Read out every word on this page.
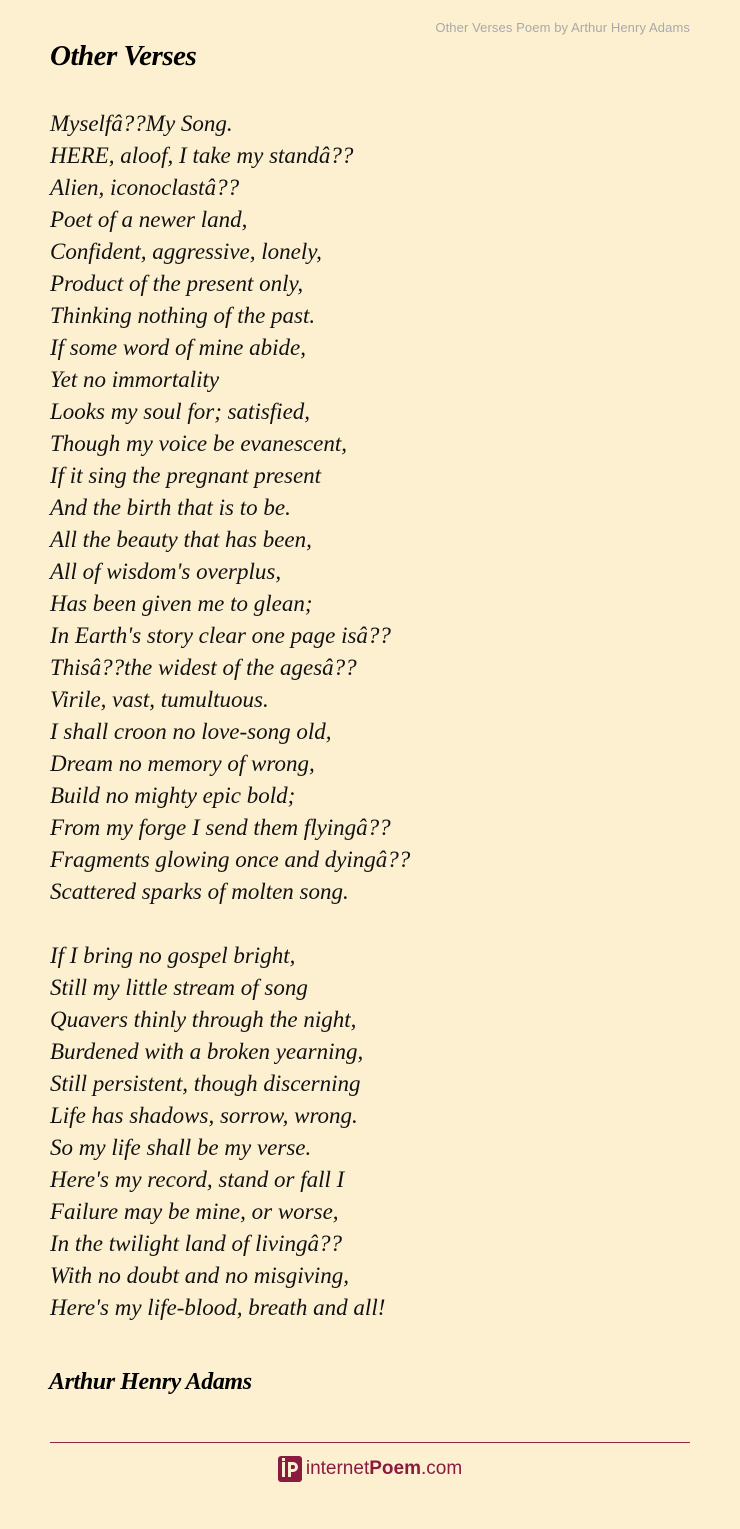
Other Verses Poem by Arthur Henry Adams
Other Verses
Myselfâ??My Song.
HERE, aloof, I take my standâ??
Alien, iconoclastâ??
Poet of a newer land,
Confident, aggressive, lonely,
Product of the present only,
Thinking nothing of the past.
If some word of mine abide,
Yet no immortality
Looks my soul for; satisfied,
Though my voice be evanescent,
If it sing the pregnant present
And the birth that is to be.
All the beauty that has been,
All of wisdom's overplus,
Has been given me to glean;
In Earth's story clear one page isâ??
Thisâ??the widest of the agesâ??
Virile, vast, tumultuous.
I shall croon no love-song old,
Dream no memory of wrong,
Build no mighty epic bold;
From my forge I send them flyingâ??
Fragments glowing once and dyingâ??
Scattered sparks of molten song.
If I bring no gospel bright,
Still my little stream of song
Quavers thinly through the night,
Burdened with a broken yearning,
Still persistent, though discerning
Life has shadows, sorrow, wrong.
So my life shall be my verse.
Here's my record, stand or fall I
Failure may be mine, or worse,
In the twilight land of livingâ??
With no doubt and no misgiving,
Here's my life-blood, breath and all!
Arthur Henry Adams
internet Poem .com
